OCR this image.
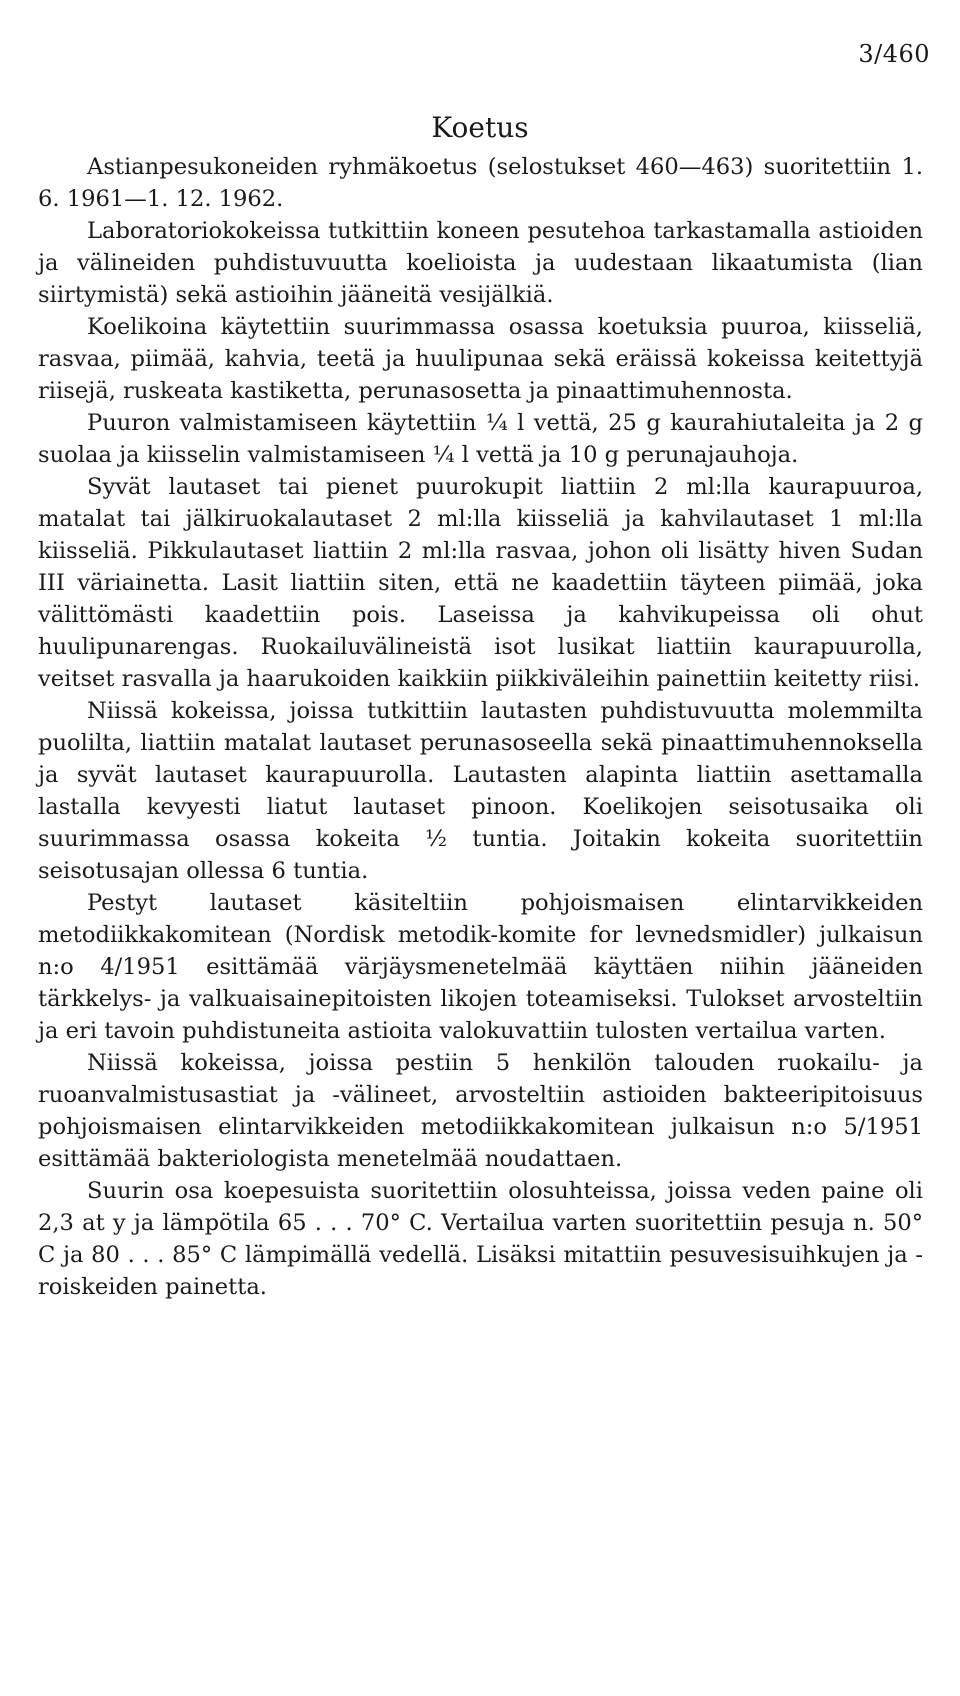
3/460
Koetus

Astianpesukoneiden ryhmäkoetus (selostukset 460—463) suoritettiin 1. 6. 1961—1. 12. 1962.

Laboratoriokokeissa tutkittiin koneen pesutehoa tarkastamalla astioiden ja välineiden puhdistuvuutta koelioista ja uudestaan likaatumista (lian siirtymistä) sekä astioihin jääneitä vesijälkiä.

Koelikoina käytettiin suurimmassa osassa koetuksia puuroa, kiisseliä, rasvaa, piimää, kahvia, teetä ja huulipunaa sekä eräissä kokeissa keitettyjä riisejä, ruskeata kastiketta, perunasosetta ja pinaattimuhennosta.

Puuron valmistamiseen käytettiin ¼ l vettä, 25 g kaurahiutaleita ja 2 g suolaa ja kiisselin valmistamiseen ¼ l vettä ja 10 g perunajauhoja.

Syvät lautaset tai pienet puurokupit liattiin 2 ml:lla kaurapuuroa, matalat tai jälkiruokalautaset 2 ml:lla kiisseliä ja kahvilautaset 1 ml:lla kiisseliä. Pikkulautaset liattiin 2 ml:lla rasvaa, johon oli lisätty hiven Sudan III väriainetta. Lasit liattiin siten, että ne kaadettiin täyteen piimää, joka välittömästi kaadettiin pois. Laseissa ja kahvikupeissa oli ohut huulipunarengas. Ruokailuvälineistä isot lusikat liattiin kaurapuurolla, veitset rasvalla ja haarukoiden kaikkiin piikkiväleihin painettiin keitetty riisi.

Niissä kokeissa, joissa tutkittiin lautasten puhdistuvuutta molemmilta puolilta, liattiin matalat lautaset perunasoseella sekä pinaattimuhennoksella ja syvät lautaset kaurapuurolla. Lautasten alapinta liattiin asettamalla lastalla kevyesti liatut lautaset pinoon. Koelikojen seisotusaika oli suurimmassa osassa kokeita ½ tuntia. Joitakin kokeita suoritettiin seisotusajan ollessa 6 tuntia.

Pestyt lautaset käsiteltiin pohjoismaisen elintarvikkeiden metodiikkakomitean (Nordisk metodik-komite for levnedsmidler) julkaisun n:o 4/1951 esittämää värjäysmenetelmää käyttäen niihin jääneiden tärkkelys- ja valkuaisainepitoisten likojen toteamiseksi. Tulokset arvosteltiin ja eri tavoin puhdistuneita astioita valokuvattiin tulosten vertailua varten.

Niissä kokeissa, joissa pestiin 5 henkilön talouden ruokailu- ja ruoanvalmistusastiat ja -välineet, arvosteltiin astioiden bakteeripitoisuus pohjoismaisen elintarvikkeiden metodiikkakomitean julkaisun n:o 5/1951 esittämää bakteriologista menetelmää noudattaen.

Suurin osa koepesuista suoritettiin olosuhteissa, joissa veden paine oli 2,3 at y ja lämpötila 65 . . . 70° C. Vertailua varten suoritettiin pesuja n. 50° C ja 80 . . . 85° C lämpimällä vedellä. Lisäksi mitattiin pesuvesisuihkujen ja -roiskeiden painetta.
